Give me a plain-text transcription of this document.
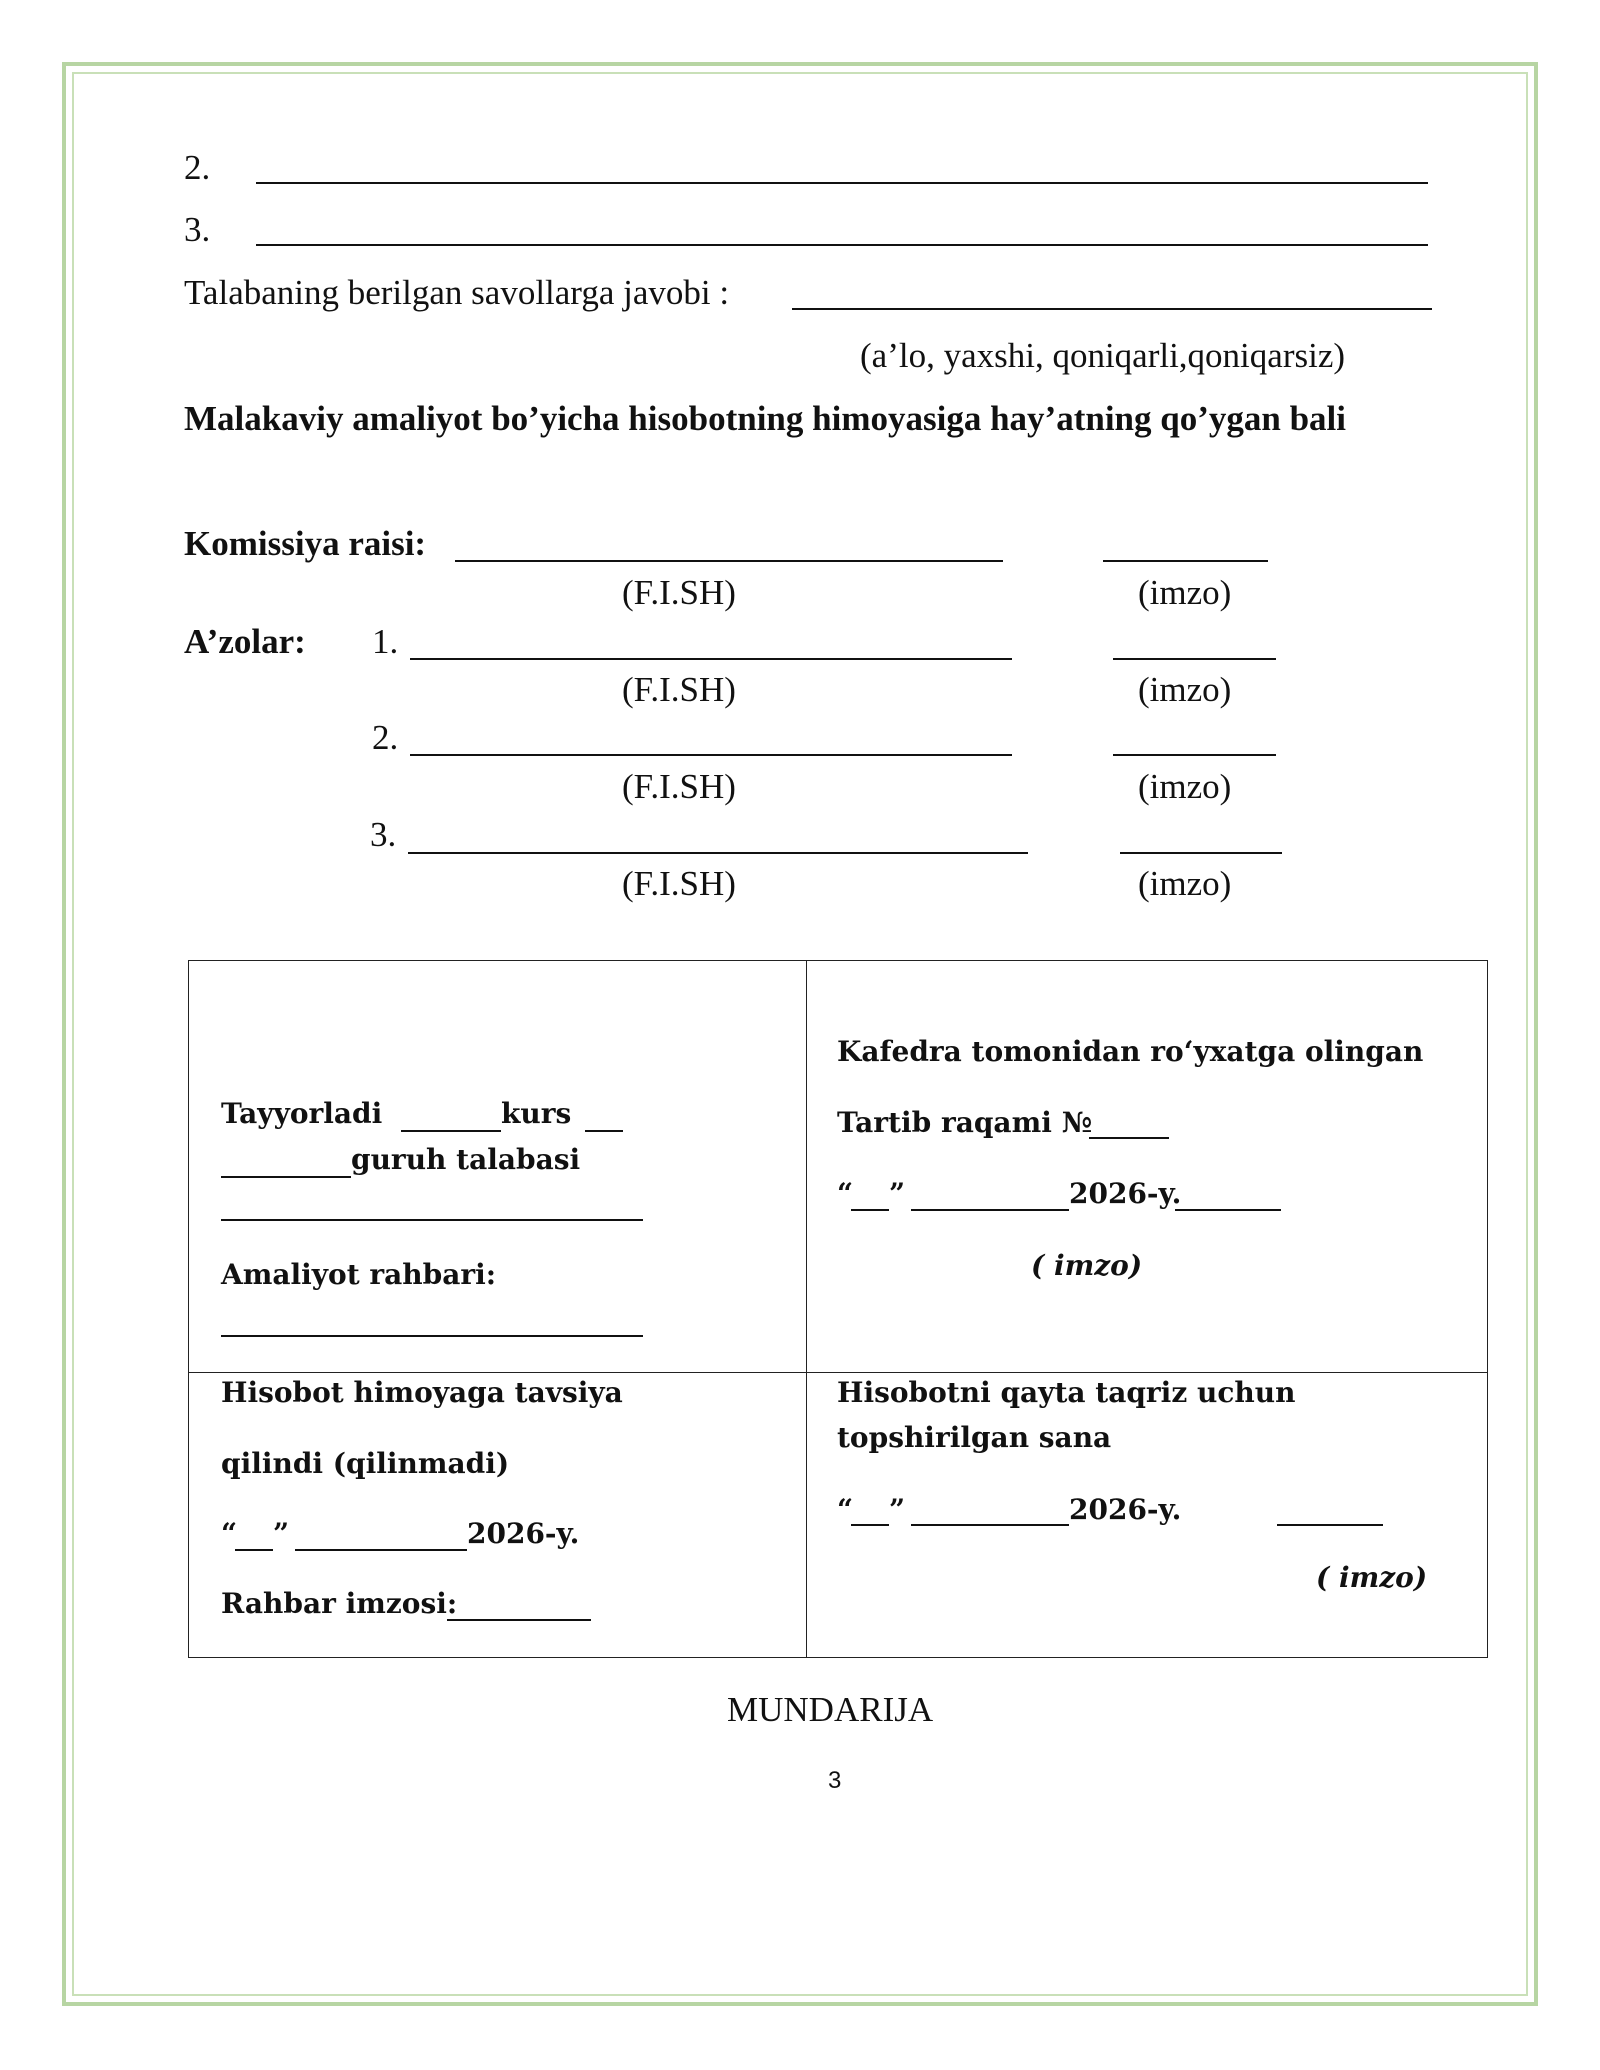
2.
3.
Talabaning berilgan savollarga javobi :
(a’lo, yaxshi, qoniqarli,qoniqarsiz)
Malakaviy amaliyot bo’yicha hisobotning himoyasiga hay’atning qo’ygan bali
Komissiya raisi:
(F.I.SH)	(imzo)
A’zolar: 1.
(F.I.SH)	(imzo)
2.
(F.I.SH)	(imzo)
3.
(F.I.SH)	(imzo)
Tayyorladi	kurs
guruh talabasi
Amaliyot rahbari:
Kafedra tomonidan ro‘yxatga olingan
Tartib raqami №
“ ”	2026-y.
( imzo)
Hisobot himoyaga tavsiya
qilindi (qilinmadi)
“ ”	2026-y.
Rahbar imzosi:
Hisobotni qayta taqriz uchun
topshirilgan sana
“ ”	2026-y.
( imzo)
MUNDARIJA
3
